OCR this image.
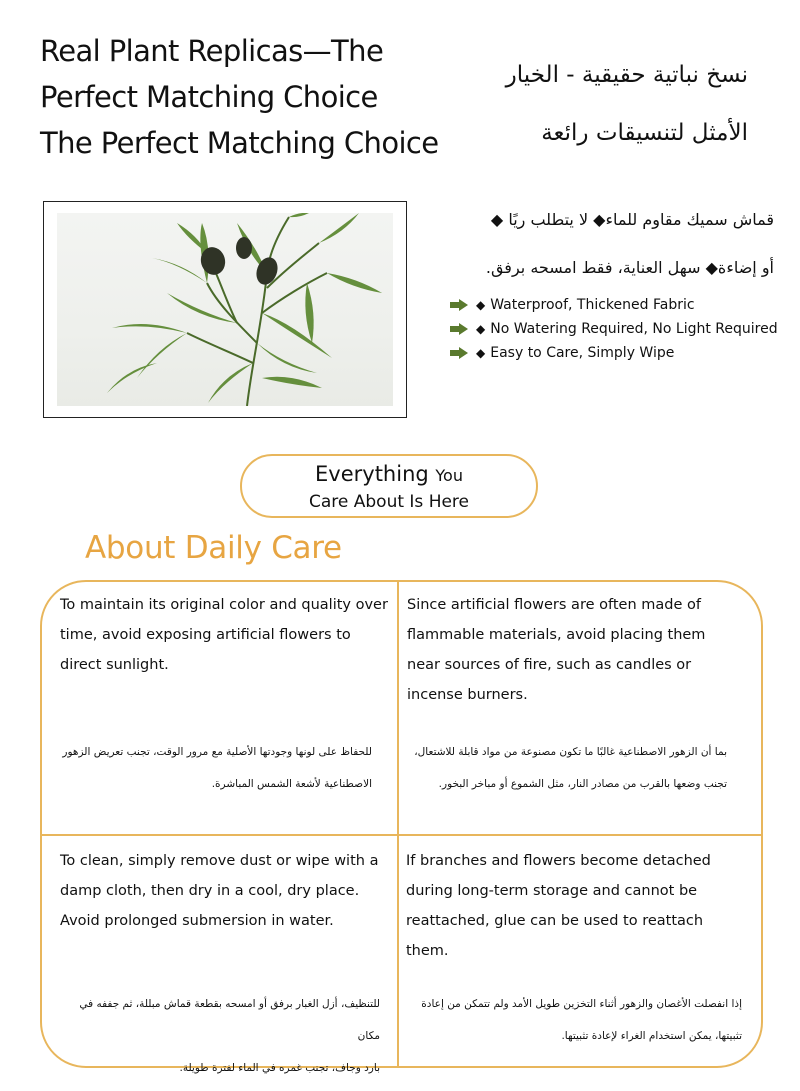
Real Plant Replicas—The
Perfect Matching Choice
The Perfect Matching Choice
نسخ نباتية حقيقية - الخيار
الأمثل لتنسيقات رائعة
قماش سميك مقاوم للماء◆ لا يتطلب ريًا ◆
أو إضاءة◆ سهل العناية، فقط امسحه برفق.
◆ Waterproof, Thickened Fabric
◆ No Watering Required, No Light Required
◆ Easy to Care, Simply Wipe
Everything You
Care About Is Here
About Daily Care
To maintain its original color and quality over time, avoid exposing artificial flowers to direct sunlight.
للحفاظ على لونها وجودتها الأصلية مع مرور الوقت، تجنب تعريض الزهور
الاصطناعية لأشعة الشمس المباشرة.
Since artificial flowers are often made of flammable materials, avoid placing them near sources of fire, such as candles or incense burners.
بما أن الزهور الاصطناعية غالبًا ما تكون مصنوعة من مواد قابلة للاشتعال،
تجنب وضعها بالقرب من مصادر النار، مثل الشموع أو مباخر البخور.
To clean, simply remove dust or wipe with a damp cloth, then dry in a cool, dry place. Avoid prolonged submersion in water.
للتنظيف، أزل الغبار برفق أو امسحه بقطعة قماش مبللة، ثم جففه في مكان
بارد وجاف، تجنب غمره في الماء لفترة طويلة.
If branches and flowers become detached during long-term storage and cannot be reattached, glue can be used to reattach them.
إذا انفصلت الأغصان والزهور أثناء التخزين طويل الأمد ولم تتمكن من إعادة
تثبيتها، يمكن استخدام الغراء لإعادة تثبيتها.
